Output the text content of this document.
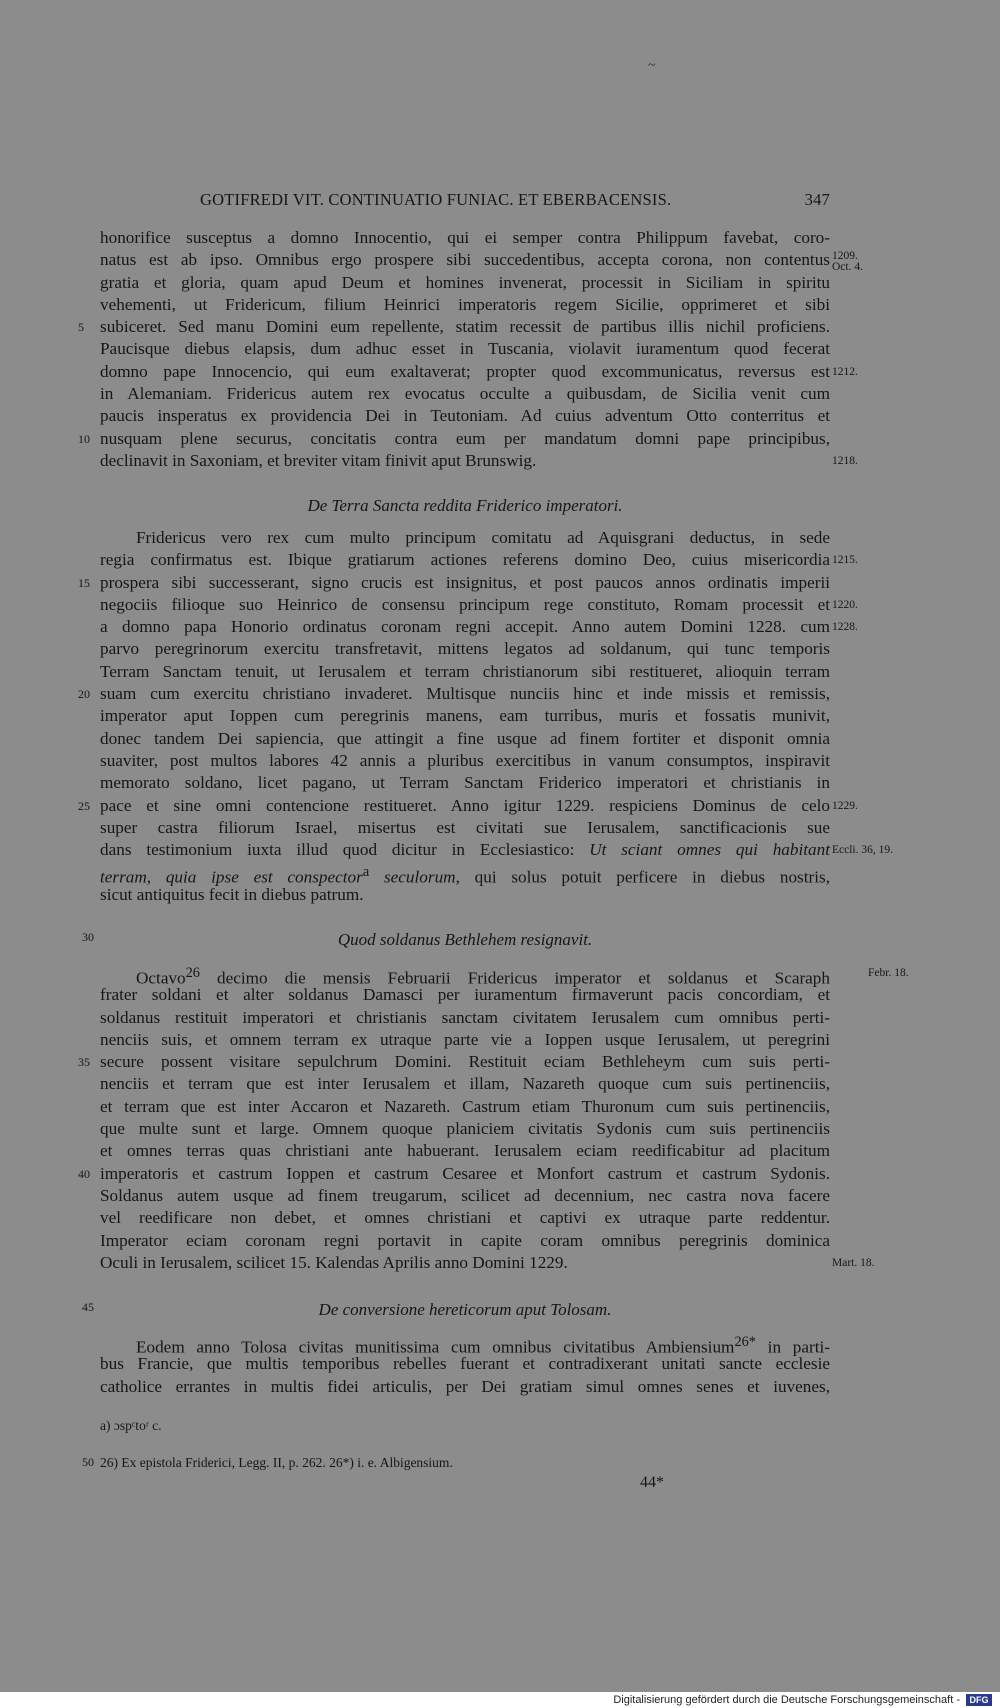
~
GOTIFREDI VIT. CONTINUATIO FUNIAC. ET EBERBACENSIS.	347
honorifice susceptus a domno Innocentio, qui ei semper contra Philippum favebat, coro-
natus est ab ipso. Omnibus ergo prospere sibi succedentibus, accepta corona, non contentus 1209.
Oct. 4.
gratia et gloria, quam apud Deum et homines invenerat, processit in Siciliam in spiritu
vehementi, ut Fridericum, filium Heinrici imperatoris regem Sicilie, opprimeret et sibi
5 subiceret. Sed manu Domini eum repellente, statim recessit de partibus illis nichil proficiens.
Paucisque diebus elapsis, dum adhuc esset in Tuscania, violavit iuramentum quod fecerat
domno pape Innocencio, qui eum exaltaverat; propter quod excommunicatus, reversus est 1212.
in Alemaniam. Fridericus autem rex evocatus occulte a quibusdam, de Sicilia venit cum
paucis insperatus ex providencia Dei in Teutoniam. Ad cuius adventum Otto conterritus et
10 nusquam plene securus, concitatis contra eum per mandatum domni pape principibus,
declinavit in Saxoniam, et breviter vitam finivit aput Brunswig.	1218.
De Terra Sancta reddita Friderico imperatori.
Fridericus vero rex cum multo principum comitatu ad Aquisgrani deductus, in sede
regia confirmatus est. Ibique gratiarum actiones referens domino Deo, cuius misericordia 1215.
15 prospera sibi successerant, signo crucis est insignitus, et post paucos annos ordinatis imperii
negociis filioque suo Heinrico de consensu principum rege constituto, Romam processit et 1220.
a domno papa Honorio ordinatus coronam regni accepit. Anno autem Domini 1228. cum 1228.
parvo peregrinorum exercitu transfretavit, mittens legatos ad soldanum, qui tunc temporis
Terram Sanctam tenuit, ut Ierusalem et terram christianorum sibi restitueret, alioquin terram
20 suam cum exercitu christiano invaderet. Multisque nunciis hinc et inde missis et remissis,
imperator aput Ioppen cum peregrinis manens, eam turribus, muris et fossatis munivit,
donec tandem Dei sapiencia, que attingit a fine usque ad finem fortiter et disponit omnia
suaviter, post multos labores 42 annis a pluribus exercitibus in vanum consumptos, inspiravit
memorato soldano, licet pagano, ut Terram Sanctam Friderico imperatori et christianis in
25 pace et sine omni contencione restitueret. Anno igitur 1229. respiciens Dominus de celo 1229.
super castra filiorum Israel, misertus est civitati sue Ierusalem, sanctificacionis sue
dans testimonium iuxta illud quod dicitur in Ecclesiastico: Ut sciant omnes qui habitant Eccli. 36, 19.
terram, quia ipse est conspector$^a$ seculorum, qui solus potuit perficere in diebus nostris,
sicut antiquitus fecit in diebus patrum.
30	Quod soldanus Bethlehem resignavit.
Octavo$^{26}$ decimo die mensis Februarii Fridericus imperator et soldanus et Scaraph	Febr. 18.
frater soldani et alter soldanus Damasci per iuramentum firmaverunt pacis concordiam, et
soldanus restituit imperatori et christianis sanctam civitatem Ierusalem cum omnibus perti-
nenciis suis, et omnem terram ex utraque parte vie a Ioppen usque Ierusalem, ut peregrini
35 secure possent visitare sepulchrum Domini. Restituit eciam Bethleheym cum suis perti-
nenciis et terram que est inter Ierusalem et illam, Nazareth quoque cum suis pertinenciis,
et terram que est inter Accaron et Nazareth. Castrum etiam Thuronum cum suis pertinenciis,
que multe sunt et large. Omnem quoque planiciem civitatis Sydonis cum suis pertinenciis
et omnes terras quas christiani ante habuerant. Ierusalem eciam reedificabitur ad placitum
40 imperatoris et castrum Ioppen et castrum Cesaree et Monfort castrum et castrum Sydonis.
Soldanus autem usque ad finem treugarum, scilicet ad decennium, nec castra nova facere
vel reedificare non debet, et omnes christiani et captivi ex utraque parte reddentur.
Imperator eciam coronam regni portavit in capite coram omnibus peregrinis dominica
Oculi in Ierusalem, scilicet 15. Kalendas Aprilis anno Domini 1229.	Mart. 18.
45	De conversione hereticorum aput Tolosam.
Eodem anno Tolosa civitas munitissima cum omnibus civitatibus Ambiensium$^{26*}$ in parti-
bus Francie, que multis temporibus rebelles fuerant et contradixerant unitati sancte ecclesie
catholice errantes in multis fidei articulis, per Dei gratiam simul omnes senes et iuvenes,
a) ɔspᶜtoʳ c.
50 26) Ex epistola Friderici, Legg. II, p. 262. 26*) i. e. Albigensium.
44*
Digitalisierung gefördert durch die Deutsche Forschungsgemeinschaft -	DFG
